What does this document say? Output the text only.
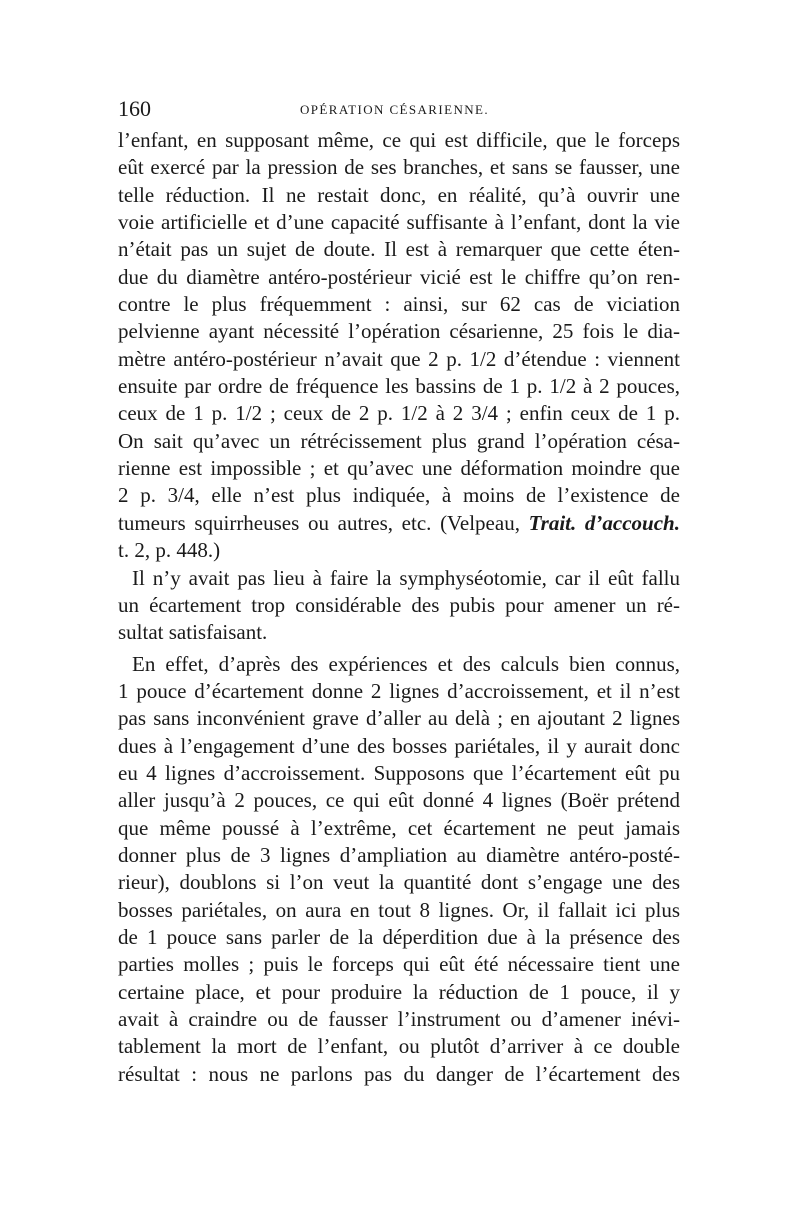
160	OPÉRATION CÉSARIENNE.
l’enfant, en supposant même, ce qui est difficile, que le forceps
eût exercé par la pression de ses branches, et sans se fausser, une
telle réduction. Il ne restait donc, en réalité, qu’à ouvrir une
voie artificielle et d’une capacité suffisante à l’enfant, dont la vie
n’était pas un sujet de doute. Il est à remarquer que cette éten-
due du diamètre antéro-postérieur vicié est le chiffre qu’on ren-
contre le plus fréquemment : ainsi, sur 62 cas de viciation
pelvienne ayant nécessité l’opération césarienne, 25 fois le dia-
mètre antéro-postérieur n’avait que 2 p. 1/2 d’étendue : viennent
ensuite par ordre de fréquence les bassins de 1 p. 1/2 à 2 pouces,
ceux de 1 p. 1/2 ; ceux de 2 p. 1/2 à 2 3/4 ; enfin ceux de 1 p.
On sait qu’avec un rétrécissement plus grand l’opération césa-
rienne est impossible ; et qu’avec une déformation moindre que
2 p. 3/4, elle n’est plus indiquée, à moins de l’existence de
tumeurs squirrheuses ou autres, etc. (Velpeau, Trait. d’accouch.
t. 2, p. 448.)
Il n’y avait pas lieu à faire la symphyséotomie, car il eût fallu
un écartement trop considérable des pubis pour amener un ré-
sultat satisfaisant.
En effet, d’après des expériences et des calculs bien connus,
1 pouce d’écartement donne 2 lignes d’accroissement, et il n’est
pas sans inconvénient grave d’aller au delà ; en ajoutant 2 lignes
dues à l’engagement d’une des bosses pariétales, il y aurait donc
eu 4 lignes d’accroissement. Supposons que l’écartement eût pu
aller jusqu’à 2 pouces, ce qui eût donné 4 lignes (Boër prétend
que même poussé à l’extrême, cet écartement ne peut jamais
donner plus de 3 lignes d’ampliation au diamètre antéro-posté-
rieur), doublons si l’on veut la quantité dont s’engage une des
bosses pariétales, on aura en tout 8 lignes. Or, il fallait ici plus
de 1 pouce sans parler de la déperdition due à la présence des
parties molles ; puis le forceps qui eût été nécessaire tient une
certaine place, et pour produire la réduction de 1 pouce, il y
avait à craindre ou de fausser l’instrument ou d’amener inévi-
tablement la mort de l’enfant, ou plutôt d’arriver à ce double
résultat : nous ne parlons pas du danger de l’écartement des
